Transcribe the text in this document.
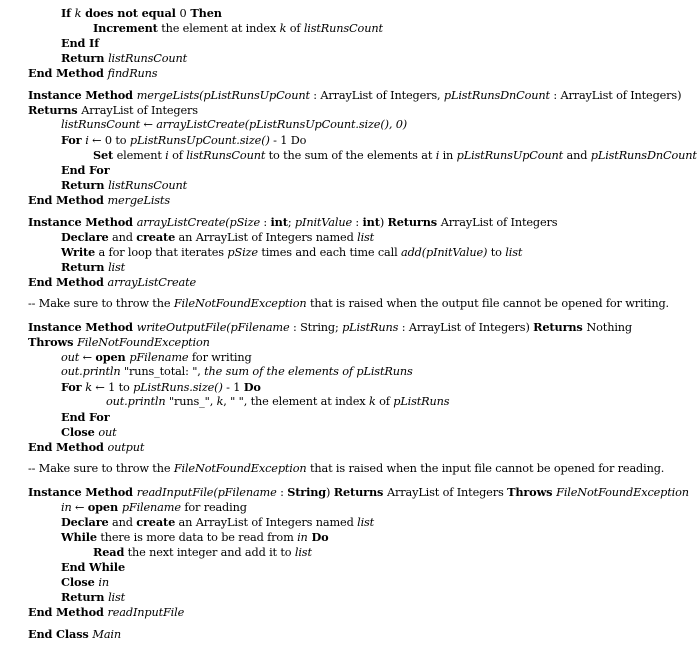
If k does not equal 0 Then
Increment the element at index k of listRunsCount
End If
Return listRunsCount
End Method findRuns
Instance Method mergeLists(pListRunsUpCount : ArrayList of Integers, pListRunsDnCount : ArrayList of Integers)
Returns ArrayList of Integers
listRunsCount ← arrayListCreate(pListRunsUpCount.size(), 0)
For i ← 0 to pListRunsUpCount.size() - 1 Do
Set element i of listRunsCount to the sum of the elements at i in pListRunsUpCount and pListRunsDnCount
End For
Return listRunsCount
End Method mergeLists
Instance Method arrayListCreate(pSize : int; pInitValue : int) Returns ArrayList of Integers
Declare and create an ArrayList of Integers named list
Write a for loop that iterates pSize times and each time call add(pInitValue) to list
Return list
End Method arrayListCreate
-- Make sure to throw the FileNotFoundException that is raised when the output file cannot be opened for writing.
Instance Method writeOutputFile(pFilename : String; pListRuns : ArrayList of Integers) Returns Nothing
Throws FileNotFoundException
out ← open pFilename for writing
out.println "runs_total: ", the sum of the elements of pListRuns
For k ← 1 to pListRuns.size() - 1 Do
out.println "runs_", k, " ", the element at index k of pListRuns
End For
Close out
End Method output
-- Make sure to throw the FileNotFoundException that is raised when the input file cannot be opened for reading.
Instance Method readInputFile(pFilename : String) Returns ArrayList of Integers Throws FileNotFoundException
in ← open pFilename for reading
Declare and create an ArrayList of Integers named list
While there is more data to be read from in Do
Read the next integer and add it to list
End While
Close in
Return list
End Method readInputFile
End Class Main
